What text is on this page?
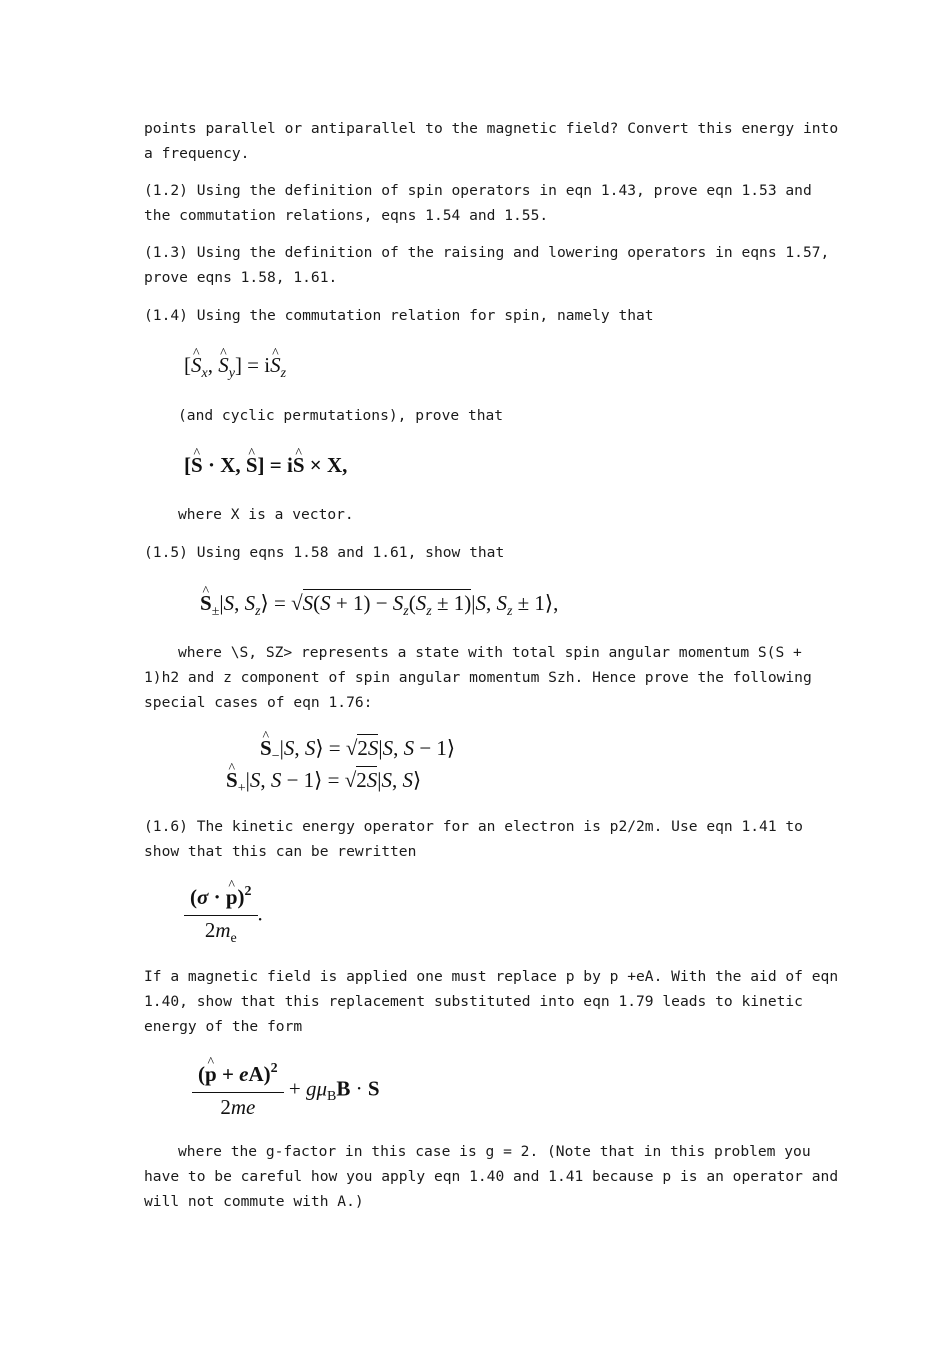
points parallel or antiparallel to the magnetic field? Convert this energy into

a frequency.

(1.2) Using the definition of spin operators in eqn 1.43, prove eqn 1.53 and

the commutation relations, eqns 1.54 and 1.55.

(1.3) Using the definition of the raising and lowering operators in eqns 1.57,

prove eqns 1.58, 1.61.

(1.4) Using the commutation relation for spin, namely that

[S $\^{}_x$, S $\^{}_y$] = iS $\^{}_z$

(and cyclic permutations), prove that

[S ^ · X, S ^] = iS ^ × X,

where X is a vector.

(1.5) Using eqns 1.58 and 1.61, show that

S $\^{}_\pm|S$, $S_z⟩ = √S(S + 1) - S_z(S_z \pm 1)|S$, $S_z$ ± 1⟩,

where \S, SZ> represents a state with total spin angular momentum S(S +

1)h2 and z component of spin angular momentum Szh. Hence prove the following

special cases of eqn 1.76:

S $\^{}_-|S$, S⟩ = √2S|S, S − 1⟩
S $\^{}_+|S$, S − 1⟩ = √2S|S, S⟩

(1.6) The kinetic energy operator for an electron is p2/2m. Use eqn 1.41 to

show that this can be rewritten

$\frac{(\sigma \cdot p \^{})^2}{2m_e}$ .

If a magnetic field is applied one must replace p by p +eA. With the aid of eqn

1.40, show that this replacement substituted into eqn 1.79 leads to kinetic

energy of the form

$\frac{(p \^{} + eA)^2}{2me} + g\mu_BB \cdot S$

where the g-factor in this case is g = 2. (Note that in this problem you

have to be careful how you apply eqn 1.40 and 1.41 because p is an operator and

will not commute with A.)
